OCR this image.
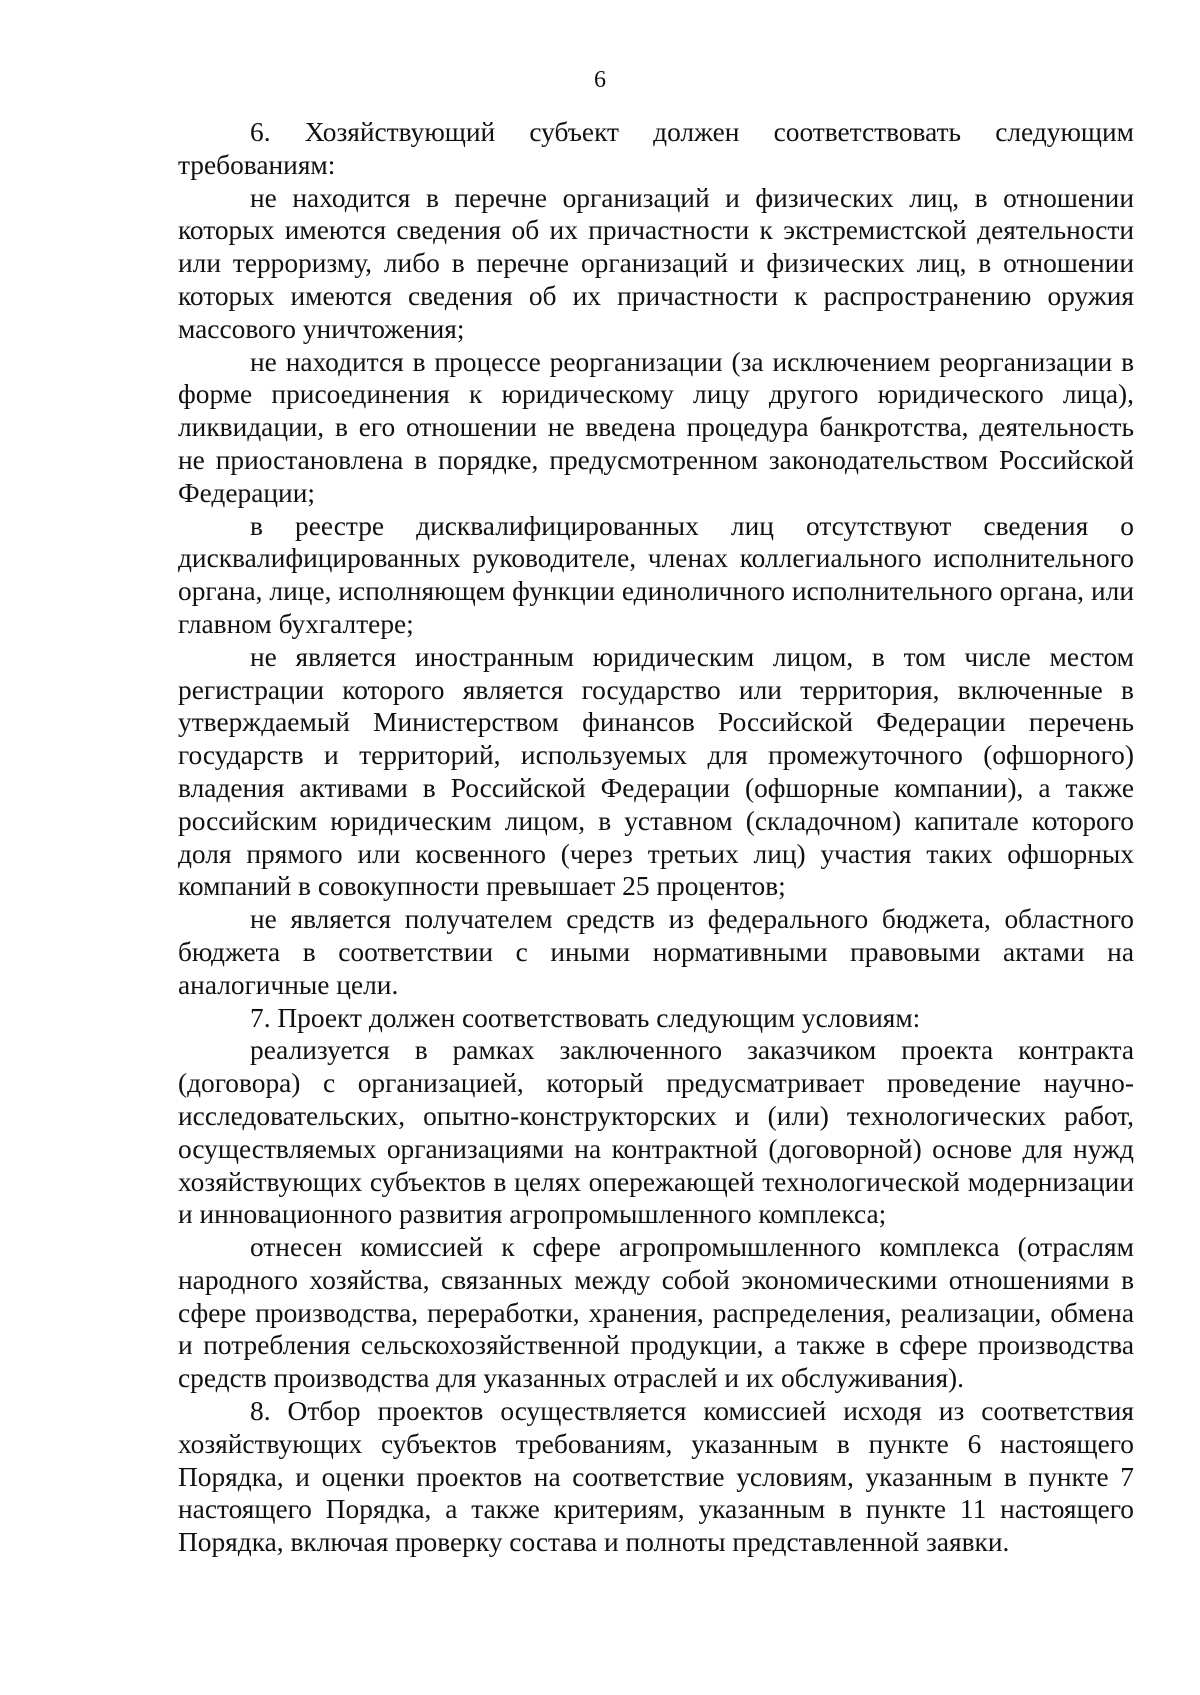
6

6. Хозяйствующий субъект должен соответствовать следующим требованиям:

не находится в перечне организаций и физических лиц, в отношении которых имеются сведения об их причастности к экстремистской деятельности или терроризму, либо в перечне организаций и физических лиц, в отношении которых имеются сведения об их причастности к распространению оружия массового уничтожения;

не находится в процессе реорганизации (за исключением реорганизации в форме присоединения к юридическому лицу другого юридического лица), ликвидации, в его отношении не введена процедура банкротства, деятельность не приостановлена в порядке, предусмотренном законодательством Российской Федерации;

в реестре дисквалифицированных лиц отсутствуют сведения о дисквалифицированных руководителе, членах коллегиального исполнительного органа, лице, исполняющем функции единоличного исполнительного органа, или главном бухгалтере;

не является иностранным юридическим лицом, в том числе местом регистрации которого является государство или территория, включенные в утверждаемый Министерством финансов Российской Федерации перечень государств и территорий, используемых для промежуточного (офшорного) владения активами в Российской Федерации (офшорные компании), а также российским юридическим лицом, в уставном (складочном) капитале которого доля прямого или косвенного (через третьих лиц) участия таких офшорных компаний в совокупности превышает 25 процентов;

не является получателем средств из федерального бюджета, областного бюджета в соответствии с иными нормативными правовыми актами на аналогичные цели.

7. Проект должен соответствовать следующим условиям:

реализуется в рамках заключенного заказчиком проекта контракта (договора) с организацией, который предусматривает проведение научно-исследовательских, опытно-конструкторских и (или) технологических работ, осуществляемых организациями на контрактной (договорной) основе для нужд хозяйствующих субъектов в целях опережающей технологической модернизации и инновационного развития агропромышленного комплекса;

отнесен комиссией к сфере агропромышленного комплекса (отраслям народного хозяйства, связанных между собой экономическими отношениями в сфере производства, переработки, хранения, распределения, реализации, обмена и потребления сельскохозяйственной продукции, а также в сфере производства средств производства для указанных отраслей и их обслуживания).

8. Отбор проектов осуществляется комиссией исходя из соответствия хозяйствующих субъектов требованиям, указанным в пункте 6 настоящего Порядка, и оценки проектов на соответствие условиям, указанным в пункте 7 настоящего Порядка, а также критериям, указанным в пункте 11 настоящего Порядка, включая проверку состава и полноты представленной заявки.
